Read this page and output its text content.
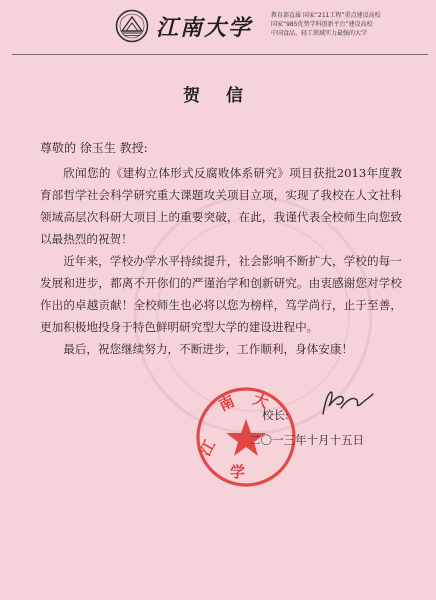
江南大学	教育部直属 国家“211工程”重点建设高校
国家“985优势学科创新平台”建设高校
中国食品、轻工领域实力最强的大学
贺 信
尊敬的 徐玉生 教授:

欣闻您的《建构立体形式反腐败体系研究》项目获批2013年度教育部哲学社会科学研究重大课题攻关项目立项，实现了我校在人文社科领域高层次科研大项目上的重要突破，在此，我谨代表全校师生向您致以最热烈的祝贺！

近年来，学校办学水平持续提升，社会影响不断扩大，学校的每一发展和进步，都离不开你们的严谨治学和创新研究。由衷感谢您对学校作出的卓越贡献！全校师生也必将以您为榜样，笃学尚行，止于至善，更加积极地投身于特色鲜明研究型大学的建设进程中。

最后，祝您继续努力，不断进步，工作顺利，身体安康！

江
南 大
学
校长:
二〇一三年十月十五日
